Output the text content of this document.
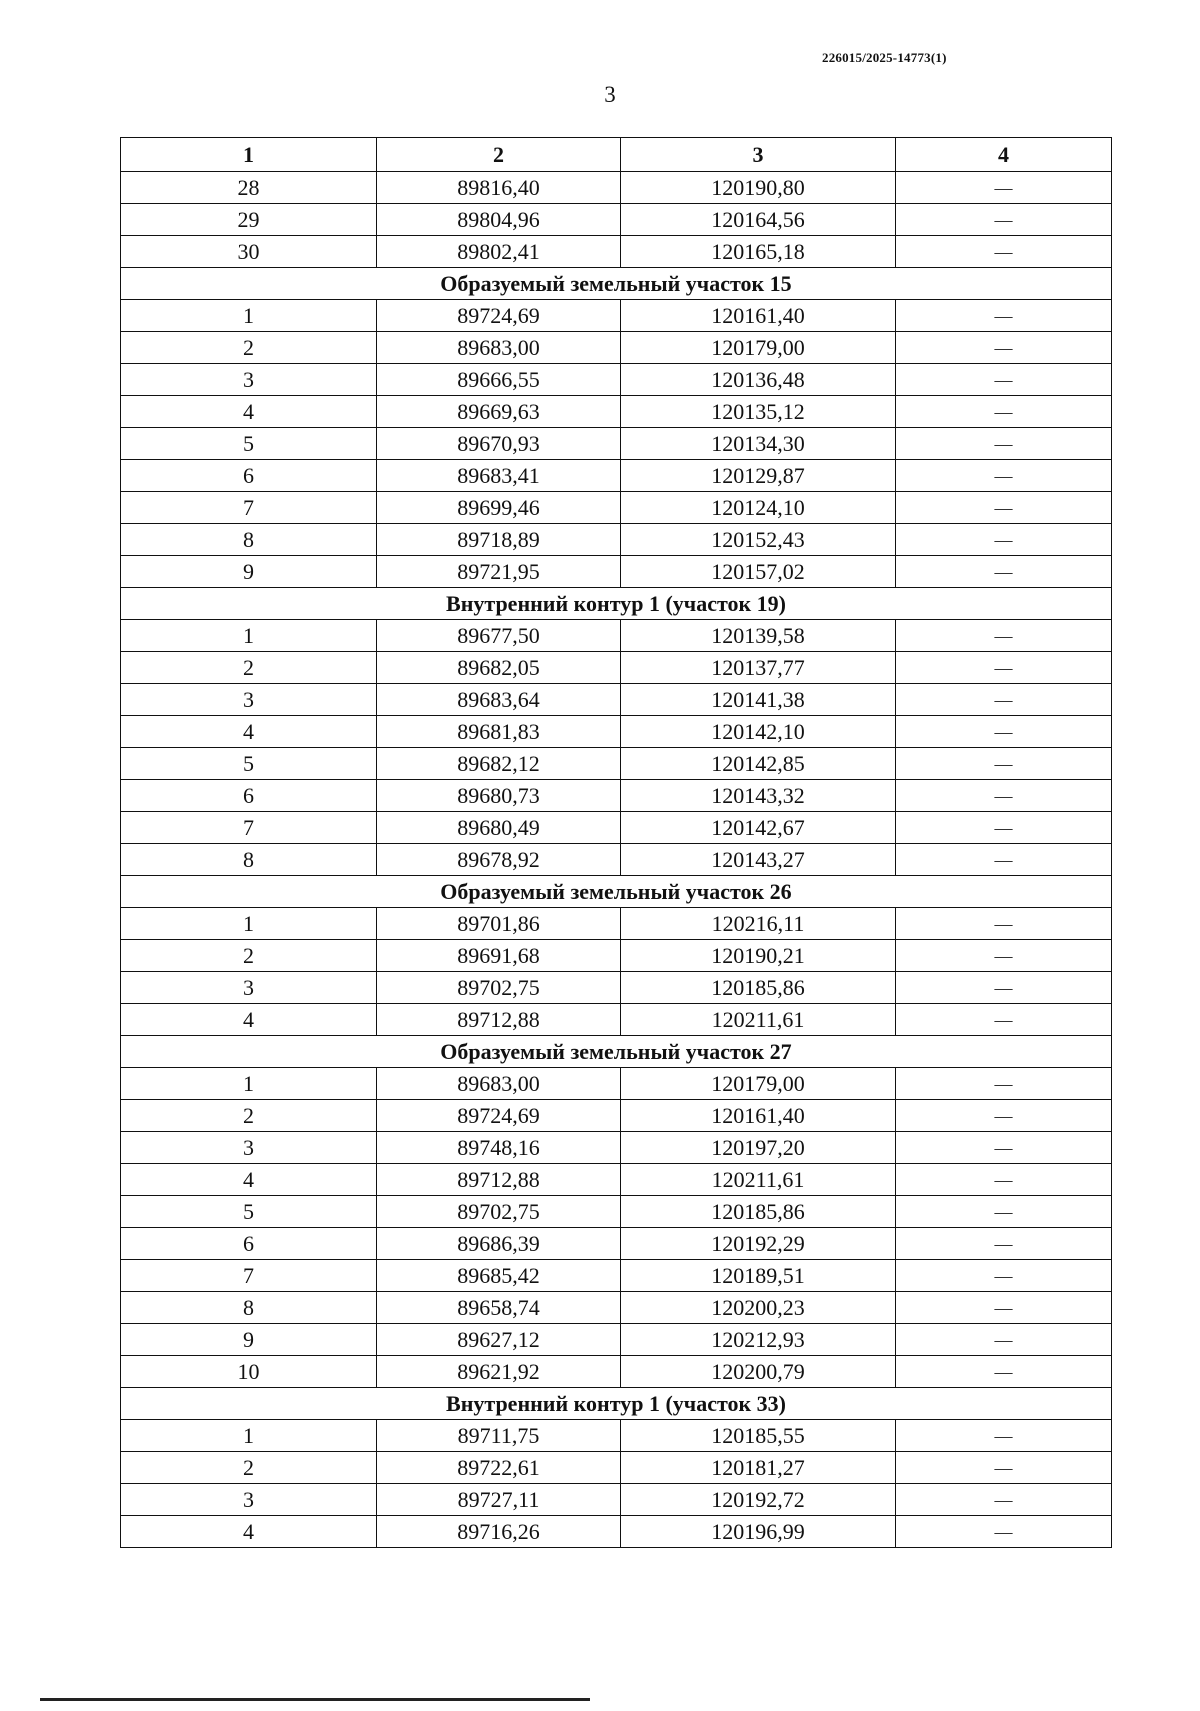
226015/2025-14773(1)
3
1	2	3	4
28	89816,40	120190,80	—
29	89804,96	120164,56	—
30	89802,41	120165,18	—
Образуемый земельный участок 15			
1	89724,69	120161,40	—
2	89683,00	120179,00	—
3	89666,55	120136,48	—
4	89669,63	120135,12	—
5	89670,93	120134,30	—
6	89683,41	120129,87	—
7	89699,46	120124,10	—
8	89718,89	120152,43	—
9	89721,95	120157,02	—
Внутренний контур 1 (участок 19)			
1	89677,50	120139,58	—
2	89682,05	120137,77	—
3	89683,64	120141,38	—
4	89681,83	120142,10	—
5	89682,12	120142,85	—
6	89680,73	120143,32	—
7	89680,49	120142,67	—
8	89678,92	120143,27	—
Образуемый земельный участок 26			
1	89701,86	120216,11	—
2	89691,68	120190,21	—
3	89702,75	120185,86	—
4	89712,88	120211,61	—
Образуемый земельный участок 27			
1	89683,00	120179,00	—
2	89724,69	120161,40	—
3	89748,16	120197,20	—
4	89712,88	120211,61	—
5	89702,75	120185,86	—
6	89686,39	120192,29	—
7	89685,42	120189,51	—
8	89658,74	120200,23	—
9	89627,12	120212,93	—
10	89621,92	120200,79	—
Внутренний контур 1 (участок 33)			
1	89711,75	120185,55	—
2	89722,61	120181,27	—
3	89727,11	120192,72	—
4	89716,26	120196,99	—
